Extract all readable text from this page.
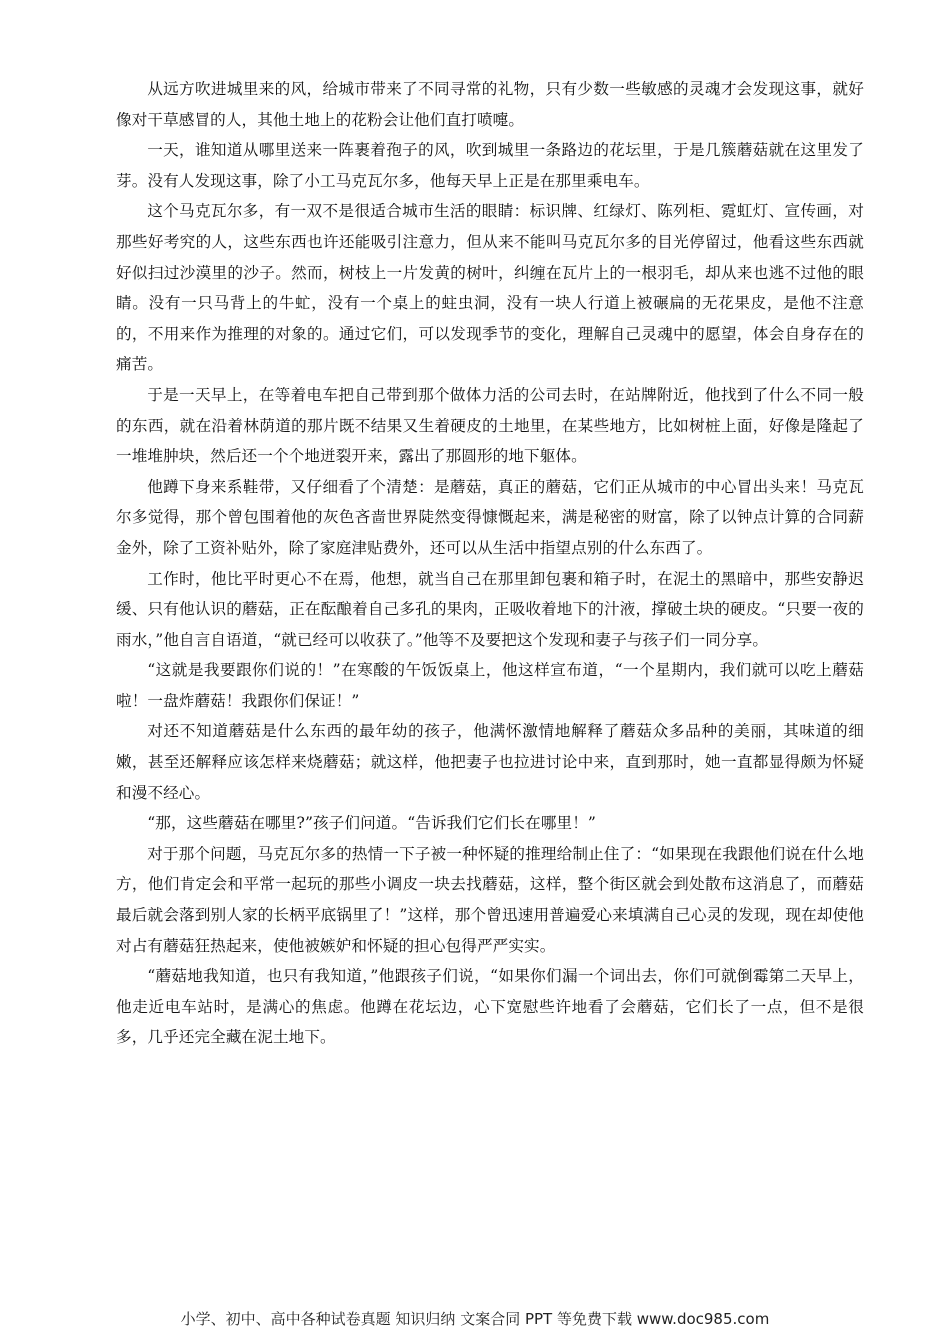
从远方吹进城里来的风，给城市带来了不同寻常的礼物，只有少数一些敏感的灵魂才会发现这事，就好像对干草感冒的人，其他土地上的花粉会让他们直打喷嚏。

一天，谁知道从哪里送来一阵裹着孢子的风，吹到城里一条路边的花坛里，于是几簇蘑菇就在这里发了芽。没有人发现这事，除了小工马克瓦尔多，他每天早上正是在那里乘电车。

这个马克瓦尔多，有一双不是很适合城市生活的眼睛：标识牌、红绿灯、陈列柜、霓虹灯、宣传画，对那些好考究的人，这些东西也许还能吸引注意力，但从来不能叫马克瓦尔多的目光停留过，他看这些东西就好似扫过沙漠里的沙子。然而，树枝上一片发黄的树叶，纠缠在瓦片上的一根羽毛，却从来也逃不过他的眼睛。没有一只马背上的牛虻，没有一个桌上的蛀虫洞，没有一块人行道上被碾扁的无花果皮，是他不注意的，不用来作为推理的对象的。通过它们，可以发现季节的变化，理解自己灵魂中的愿望，体会自身存在的痛苦。

于是一天早上，在等着电车把自己带到那个做体力活的公司去时，在站牌附近，他找到了什么不同一般的东西，就在沿着林荫道的那片既不结果又生着硬皮的土地里，在某些地方，比如树桩上面，好像是隆起了一堆堆肿块，然后还一个个地迸裂开来，露出了那圆形的地下躯体。

他蹲下身来系鞋带，又仔细看了个清楚：是蘑菇，真正的蘑菇，它们正从城市的中心冒出头来！马克瓦尔多觉得，那个曾包围着他的灰色吝啬世界陡然变得慷慨起来，满是秘密的财富，除了以钟点计算的合同薪金外，除了工资补贴外，除了家庭津贴费外，还可以从生活中指望点别的什么东西了。

工作时，他比平时更心不在焉，他想，就当自己在那里卸包裹和箱子时，在泥土的黑暗中，那些安静迟缓、只有他认识的蘑菇，正在酝酿着自己多孔的果肉，正吸收着地下的汁液，撑破土块的硬皮。“只要一夜的雨水，”他自言自语道，“就已经可以收获了。”他等不及要把这个发现和妻子与孩子们一同分享。

“这就是我要跟你们说的！”在寒酸的午饭饭桌上，他这样宣布道，“一个星期内，我们就可以吃上蘑菇啦！一盘炸蘑菇！我跟你们保证！”

对还不知道蘑菇是什么东西的最年幼的孩子，他满怀激情地解释了蘑菇众多品种的美丽，其味道的细嫩，甚至还解释应该怎样来烧蘑菇；就这样，他把妻子也拉进讨论中来，直到那时，她一直都显得颇为怀疑和漫不经心。

“那，这些蘑菇在哪里?”孩子们问道。“告诉我们它们长在哪里！”

对于那个问题，马克瓦尔多的热情一下子被一种怀疑的推理给制止住了：“如果现在我跟他们说在什么地方，他们肯定会和平常一起玩的那些小调皮一块去找蘑菇，这样，整个街区就会到处散布这消息了，而蘑菇最后就会落到别人家的长柄平底锅里了！”这样，那个曾迅速用普遍爱心来填满自己心灵的发现，现在却使他对占有蘑菇狂热起来，使他被嫉妒和怀疑的担心包得严严实实。

“蘑菇地我知道，也只有我知道，”他跟孩子们说，“如果你们漏一个词出去，你们可就倒霉第二天早上，他走近电车站时，是满心的焦虑。他蹲在花坛边，心下宽慰些许地看了会蘑菇，它们长了一点，但不是很多，几乎还完全藏在泥土地下。

小学、初中、高中各种试卷真题 知识归纳 文案合同 PPT 等免费下载 www.doc985.com
